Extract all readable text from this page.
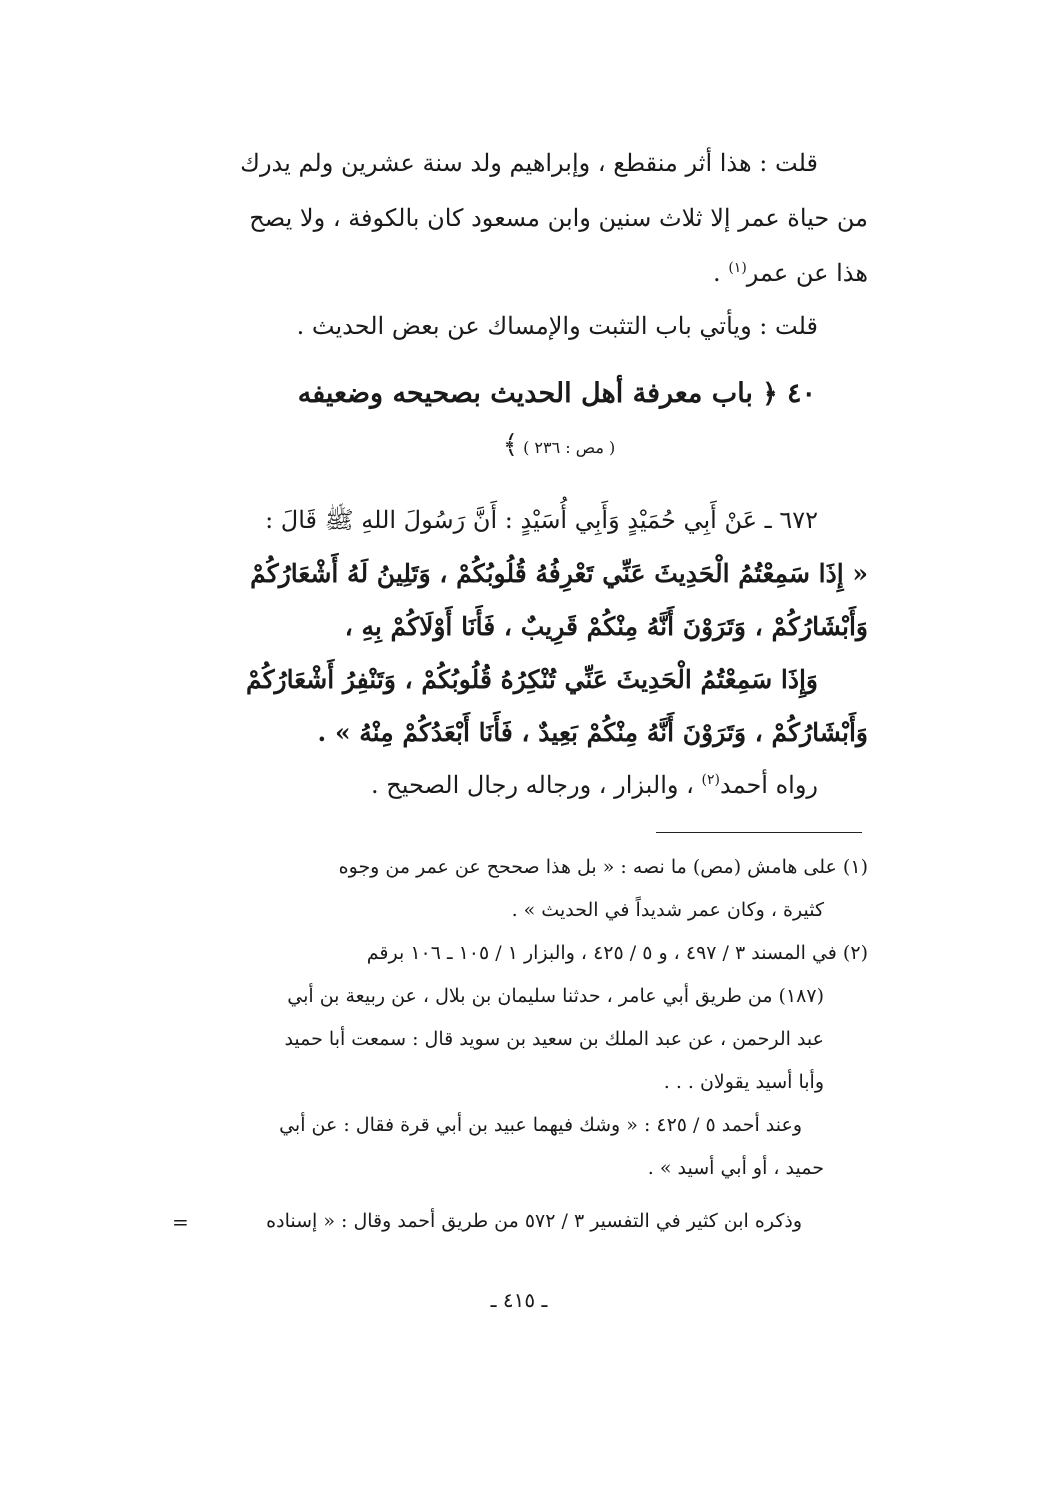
قلت : هذا أثر منقطع ، وإبراهيم ولد سنة عشرين ولم يدرك
من حياة عمر إلا ثلاث سنين وابن مسعود كان بالكوفة ، ولا يصح
هذا عن عمر$^{(١)}$ .
قلت : ويأتي باب التثبت والإمساك عن بعض الحديث .
٤٠ ﴿ باب معرفة أهل الحديث بصحيحه وضعيفه
( مص : ٢٣٦ ) ﴾
٦٧٢ ـ عَنْ أَبِي حُمَيْدٍ وَأَبِي أُسَيْدٍ : أَنَّ رَسُولَ اللهِ ﷺ قَالَ :
« إِذَا سَمِعْتُمُ الْحَدِيثَ عَنِّي تَعْرِفُهُ قُلُوبُكُمْ ، وَتَلِينُ لَهُ أَشْعَارُكُمْ
وَأَبْشَارُكُمْ ، وَتَرَوْنَ أَنَّهُ مِنْكُمْ قَرِيبٌ ، فَأَنَا أَوْلَاكُمْ بِهِ ،
وَإِذَا سَمِعْتُمُ الْحَدِيثَ عَنِّي تُنْكِرُهُ قُلُوبُكُمْ ، وَتَنْفِرُ أَشْعَارُكُمْ
وَأَبْشَارُكُمْ ، وَتَرَوْنَ أَنَّهُ مِنْكُمْ بَعِيدٌ ، فَأَنَا أَبْعَدُكُمْ مِنْهُ » .
رواه أحمد$^{(٢)}$ ، والبزار ، ورجاله رجال الصحيح .
(١) على هامش (مص) ما نصه : « بل هذا صححح عن عمر من وجوه
كثيرة ، وكان عمر شديداً في الحديث » .
(٢) في المسند ٣ / ٤٩٧ ، و ٥ / ٤٢٥ ، والبزار ١ / ١٠٥ ـ ١٠٦ برقم
(١٨٧) من طريق أبي عامر ، حدثنا سليمان بن بلال ، عن ربيعة بن أبي
عبد الرحمن ، عن عبد الملك بن سعيد بن سويد قال : سمعت أبا حميد
وأبا أسيد يقولان . . .
وعند أحمد ٥ / ٤٢٥ : « وشك فيهما عبيد بن أبي قرة فقال : عن أبي
حميد ، أو أبي أسيد » .
وذكره ابن كثير في التفسير ٣ / ٥٧٢ من طريق أحمد وقال : « إسناده
=
ـ ٤١٥ ـ
